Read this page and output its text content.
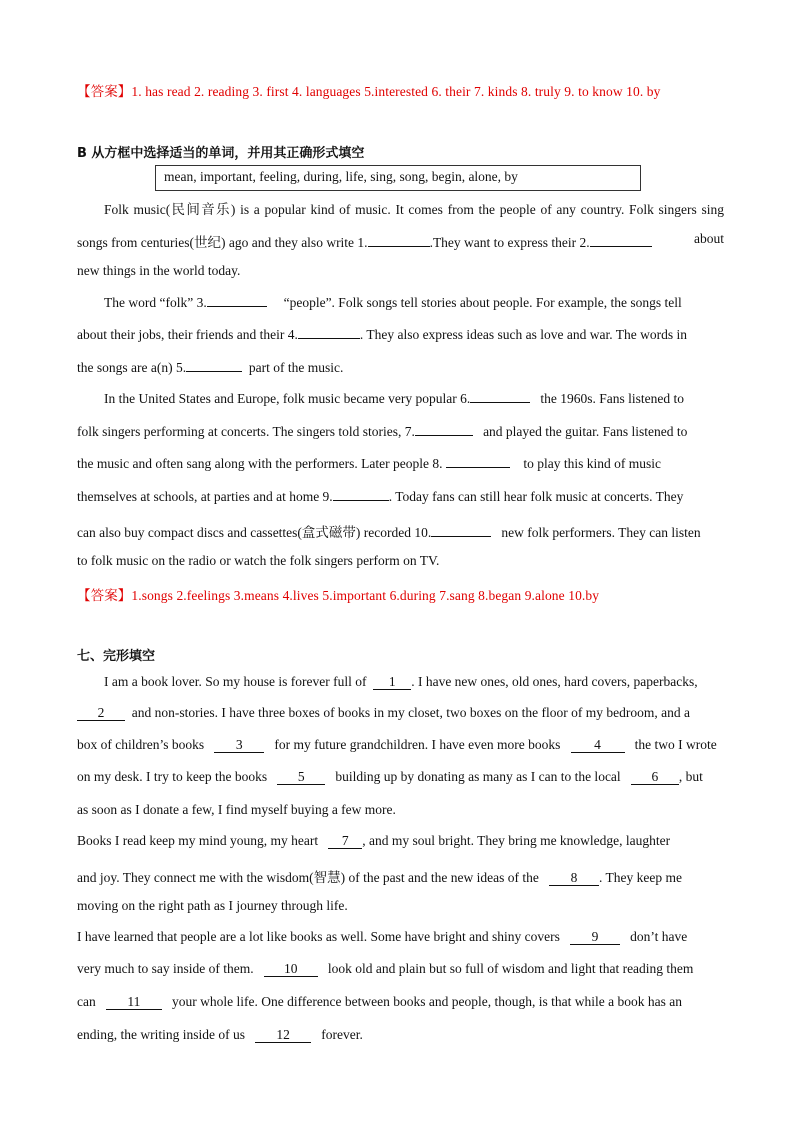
【答案】1. has read 2. reading 3. first 4. languages 5.interested 6. their 7. kinds 8. truly 9. to know 10. by
B 从方框中选择适当的单词，并用其正确形式填空
mean, important, feeling, during, life, sing, song, begin, alone, by
Folk music(民间音乐) is a popular kind of music. It comes from the people of any country. Folk singers sing
songs from centuries(世纪) ago and they also write 1.	.They want to express their 2.	about
new things in the world today.
The word “folk” 3.	“people”. Folk songs tell stories about people. For example, the songs tell
about their jobs, their friends and their 4.	. They also express ideas such as love and war. The words in
the songs are a(n) 5.	part of the music.
In the United States and Europe, folk music became very popular 6.	the 1960s. Fans listened to
folk singers performing at concerts. The singers told stories, 7.	and played the guitar. Fans listened to
the music and often sang along with the performers. Later people 8.	to play this kind of music
themselves at schools, at parties and at home 9.	. Today fans can still hear folk music at concerts. They
can also buy compact discs and cassettes(盒式磁带) recorded 10.	new folk performers. They can listen
to folk music on the radio or watch the folk singers perform on TV.
【答案】1.songs 2.feelings 3.means 4.lives 5.important 6.during 7.sang 8.began 9.alone 10.by
七、完形填空
I am a book lover. So my house is forever full of 1 . I have new ones, old ones, hard covers, paperbacks,
2 and non-stories. I have three boxes of books in my closet, two boxes on the floor of my bedroom, and a
box of children’s books 3 for my future grandchildren. I have even more books	4	the two I wrote
on my desk. I try to keep the books 5 building up by donating as many as I can to the local 6 , but
as soon as I donate a few, I find myself buying a few more.
Books I read keep my mind young, my heart 7 , and my soul bright. They bring me knowledge, laughter
and joy. They connect me with the wisdom(智慧) of the past and the new ideas of the 8 . They keep me
moving on the right path as I journey through life.
I have learned that people are a lot like books as well. Some have bright and shiny covers 9 don’t have
very much to say inside of them. 10 look old and plain but so full of wisdom and light that reading them
can 11 your whole life. One difference between books and people, though, is that while a book has an
ending, the writing inside of us 12 forever.
